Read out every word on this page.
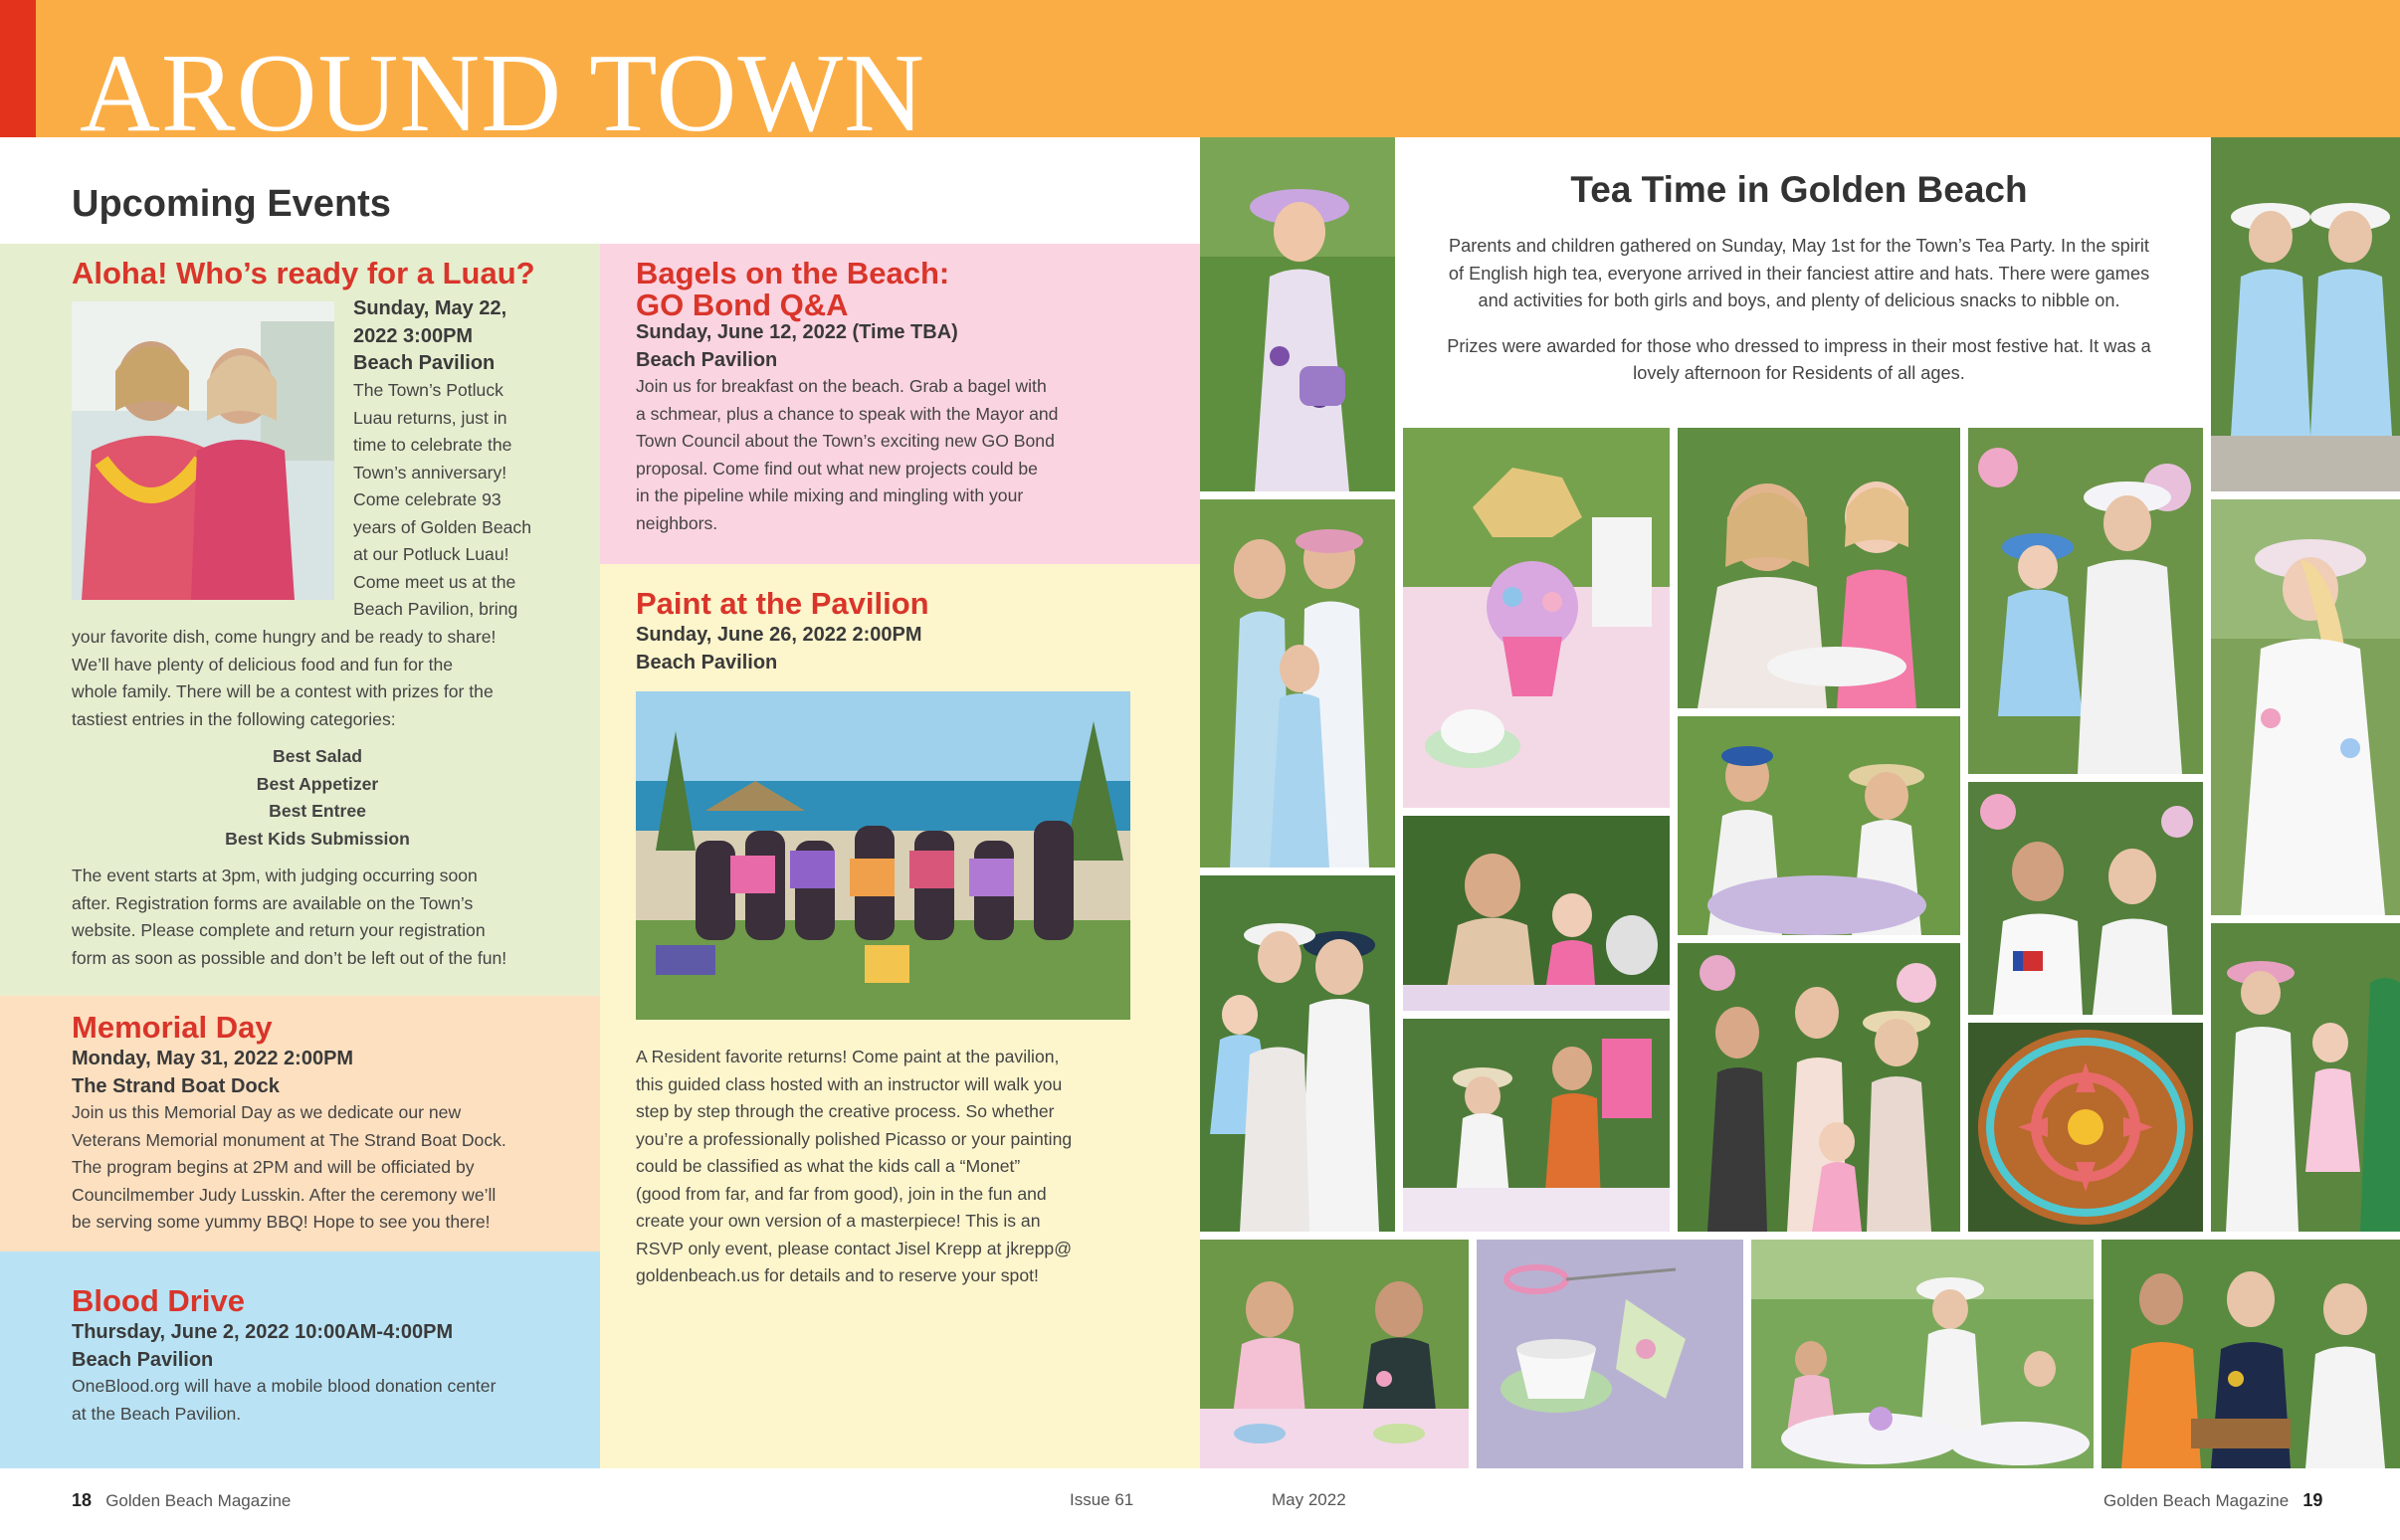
AROUND TOWN
Upcoming Events
Aloha! Who’s ready for a Luau?
Sunday, May 22,
2022 3:00PM
Beach Pavilion
The Town’s Potluck
Luau returns, just in
time to celebrate the
Town’s anniversary!
Come celebrate 93
years of Golden Beach
at our Potluck Luau!
Come meet us at the
Beach Pavilion, bring
your favorite dish, come hungry and be ready to share!
We’ll have plenty of delicious food and fun for the
whole family. There will be a contest with prizes for the
tastiest entries in the following categories:
Best Salad
Best Appetizer
Best Entree
Best Kids Submission
The event starts at 3pm, with judging occurring soon
after. Registration forms are available on the Town’s
website. Please complete and return your registration
form as soon as possible and don’t be left out of the fun!
Memorial Day
Monday, May 31, 2022 2:00PM
The Strand Boat Dock
Join us this Memorial Day as we dedicate our new
Veterans Memorial monument at The Strand Boat Dock.
The program begins at 2PM and will be officiated by
Councilmember Judy Lusskin. After the ceremony we’ll
be serving some yummy BBQ! Hope to see you there!
Blood Drive
Thursday, June 2, 2022 10:00AM-4:00PM
Beach Pavilion
OneBlood.org will have a mobile blood donation center
at the Beach Pavilion.
Bagels on the Beach:
GO Bond Q&A
Sunday, June 12, 2022 (Time TBA)
Beach Pavilion
Join us for breakfast on the beach. Grab a bagel with
a schmear, plus a chance to speak with the Mayor and
Town Council about the Town’s exciting new GO Bond
proposal. Come find out what new projects could be
in the pipeline while mixing and mingling with your
neighbors.
Paint at the Pavilion
Sunday, June 26, 2022 2:00PM
Beach Pavilion
A Resident favorite returns! Come paint at the pavilion,
this guided class hosted with an instructor will walk you
step by step through the creative process. So whether
you’re a professionally polished Picasso or your painting
could be classified as what the kids call a “Monet”
(good from far, and far from good), join in the fun and
create your own version of a masterpiece! This is an
RSVP only event, please contact Jisel Krepp at jkrepp@
goldenbeach.us for details and to reserve your spot!
Tea Time in Golden Beach
Parents and children gathered on Sunday, May 1st for the Town’s Tea Party. In the spirit
of English high tea, everyone arrived in their fanciest attire and hats. There were games
and activities for both girls and boys, and plenty of delicious snacks to nibble on.
Prizes were awarded for those who dressed to impress in their most festive hat. It was a
lovely afternoon for Residents of all ages.
18 Golden Beach Magazine	Issue 61	May 2022	Golden Beach Magazine 19
